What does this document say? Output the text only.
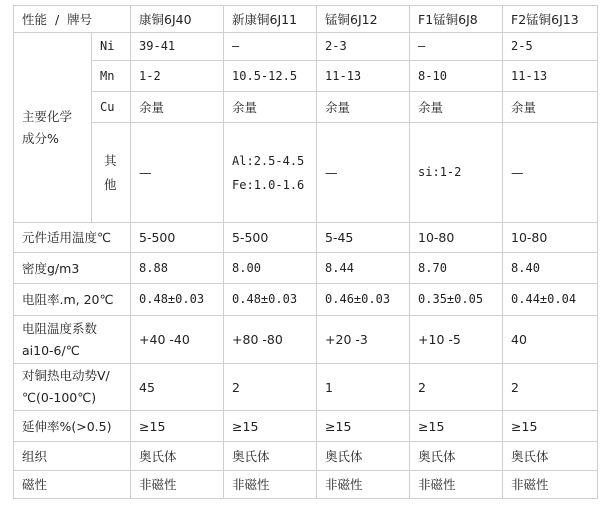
性能  /  牌号		康铜6J40	新康铜6J11	锰铜6J12	F1锰铜6J8	F2锰铜6J13
主要化学成分%	Ni	39-41	—	2-3	—	2-5
	Mn	1-2	10.5-12.5	11-13	8-10	11-13
	Cu	余量	余量	余量	余量	余量
	其他	—	Al:2.5-4.5 Fe:1.0-1.6	—	si:1-2	—
元件适用温度℃		5-500	5-500	5-45	10-80	10-80
密度g/m3		8.88	8.00	8.44	8.70	8.40
电阻率.m, 20℃		0.48±0.03	0.48±0.03	0.46±0.03	0.35±0.05	0.44±0.04
电阻温度系数ai10-6/℃		+40 -40	+80 -80	+20 -3	+10 -5	40
对铜热电动势V/℃(0-100℃)		45	2	1	2	2
延伸率%(>0.5)		≥15	≥15	≥15	≥15	≥15
组织		奥氏体	奥氏体	奥氏体	奥氏体	奥氏体
磁性		非磁性	非磁性	非磁性	非磁性	非磁性
